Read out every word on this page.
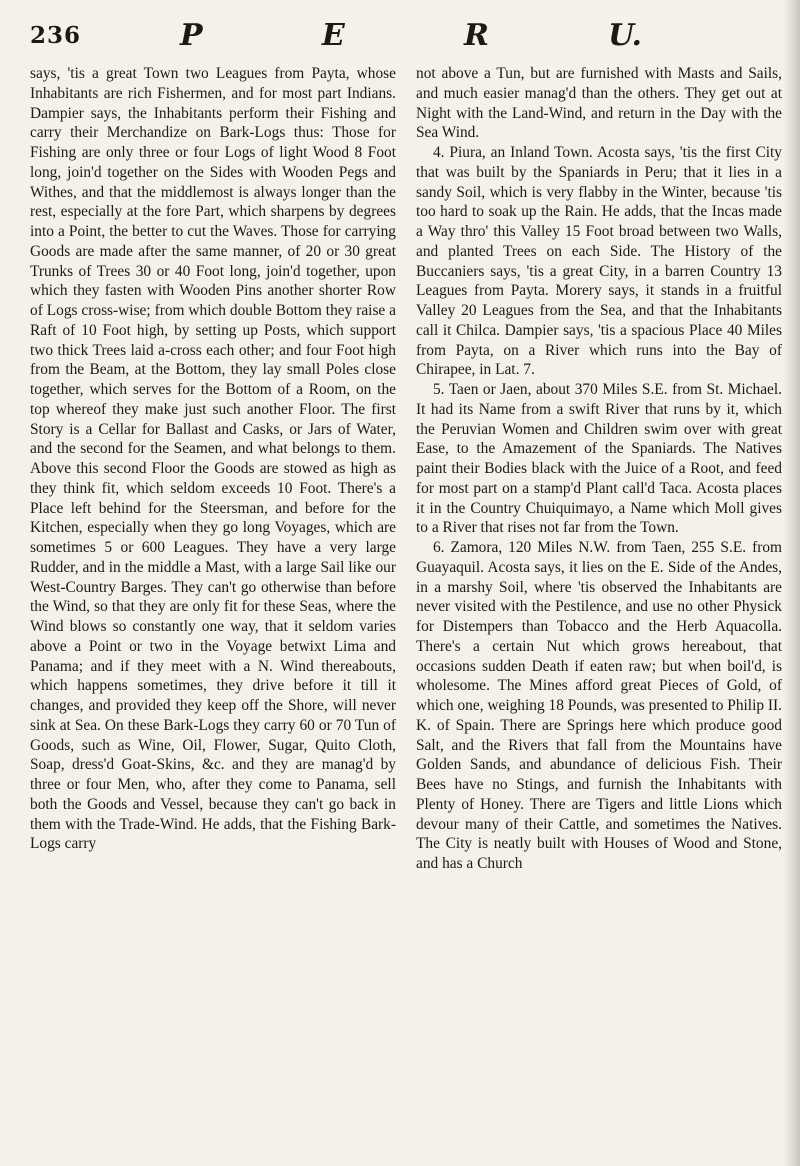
236	P	E	R	U.

says, 'tis a great Town two Leagues from Payta, whose Inhabitants are rich Fishermen, and for most part Indians. Dampier says, the Inhabitants perform their Fishing and carry their Merchandize on Bark-Logs thus: Those for Fishing are only three or four Logs of light Wood 8 Foot long, join'd together on the Sides with Wooden Pegs and Withes, and that the middlemost is always longer than the rest, especially at the fore Part, which sharpens by degrees into a Point, the better to cut the Waves. Those for carrying Goods are made after the same manner, of 20 or 30 great Trunks of Trees 30 or 40 Foot long, join'd together, upon which they fasten with Wooden Pins another shorter Row of Logs cross-wise; from which double Bottom they raise a Raft of 10 Foot high, by setting up Posts, which support two thick Trees laid a-cross each other; and four Foot high from the Beam, at the Bottom, they lay small Poles close together, which serves for the Bottom of a Room, on the top whereof they make just such another Floor. The first Story is a Cellar for Ballast and Casks, or Jars of Water, and the second for the Seamen, and what belongs to them. Above this second Floor the Goods are stowed as high as they think fit, which seldom exceeds 10 Foot. There's a Place left behind for the Steersman, and before for the Kitchen, especially when they go long Voyages, which are sometimes 5 or 600 Leagues. They have a very large Rudder, and in the middle a Mast, with a large Sail like our West-Country Barges. They can't go otherwise than before the Wind, so that they are only fit for these Seas, where the Wind blows so constantly one way, that it seldom varies above a Point or two in the Voyage betwixt Lima and Panama; and if they meet with a N. Wind thereabouts, which happens sometimes, they drive before it till it changes, and provided they keep off the Shore, will never sink at Sea. On these Bark-Logs they carry 60 or 70 Tun of Goods, such as Wine, Oil, Flower, Sugar, Quito Cloth, Soap, dress'd Goat-Skins, &c. and they are manag'd by three or four Men, who, after they come to Panama, sell both the Goods and Vessel, because they can't go back in them with the Trade-Wind. He adds, that the Fishing Bark-Logs carry

not above a Tun, but are furnished with Masts and Sails, and much easier manag'd than the others. They get out at Night with the Land-Wind, and return in the Day with the Sea Wind.

4. Piura, an Inland Town. Acosta says, 'tis the first City that was built by the Spaniards in Peru; that it lies in a sandy Soil, which is very flabby in the Winter, because 'tis too hard to soak up the Rain. He adds, that the Incas made a Way thro' this Valley 15 Foot broad between two Walls, and planted Trees on each Side. The History of the Buccaniers says, 'tis a great City, in a barren Country 13 Leagues from Payta. Morery says, it stands in a fruitful Valley 20 Leagues from the Sea, and that the Inhabitants call it Chilca. Dampier says, 'tis a spacious Place 40 Miles from Payta, on a River which runs into the Bay of Chirapee, in Lat. 7.

5. Taen or Jaen, about 370 Miles S.E. from St. Michael. It had its Name from a swift River that runs by it, which the Peruvian Women and Children swim over with great Ease, to the Amazement of the Spaniards. The Natives paint their Bodies black with the Juice of a Root, and feed for most part on a stamp'd Plant call'd Taca. Acosta places it in the Country Chuiquimayo, a Name which Moll gives to a River that rises not far from the Town.

6. Zamora, 120 Miles N.W. from Taen, 255 S.E. from Guayaquil. Acosta says, it lies on the E. Side of the Andes, in a marshy Soil, where 'tis observed the Inhabitants are never visited with the Pestilence, and use no other Physick for Distempers than Tobacco and the Herb Aquacolla. There's a certain Nut which grows hereabout, that occasions sudden Death if eaten raw; but when boil'd, is wholesome. The Mines afford great Pieces of Gold, of which one, weighing 18 Pounds, was presented to Philip II. K. of Spain. There are Springs here which produce good Salt, and the Rivers that fall from the Mountains have Golden Sands, and abundance of delicious Fish. Their Bees have no Stings, and furnish the Inhabitants with Plenty of Honey. There are Tigers and little Lions which devour many of their Cattle, and sometimes the Natives. The City is neatly built with Houses of Wood and Stone, and has a Church
